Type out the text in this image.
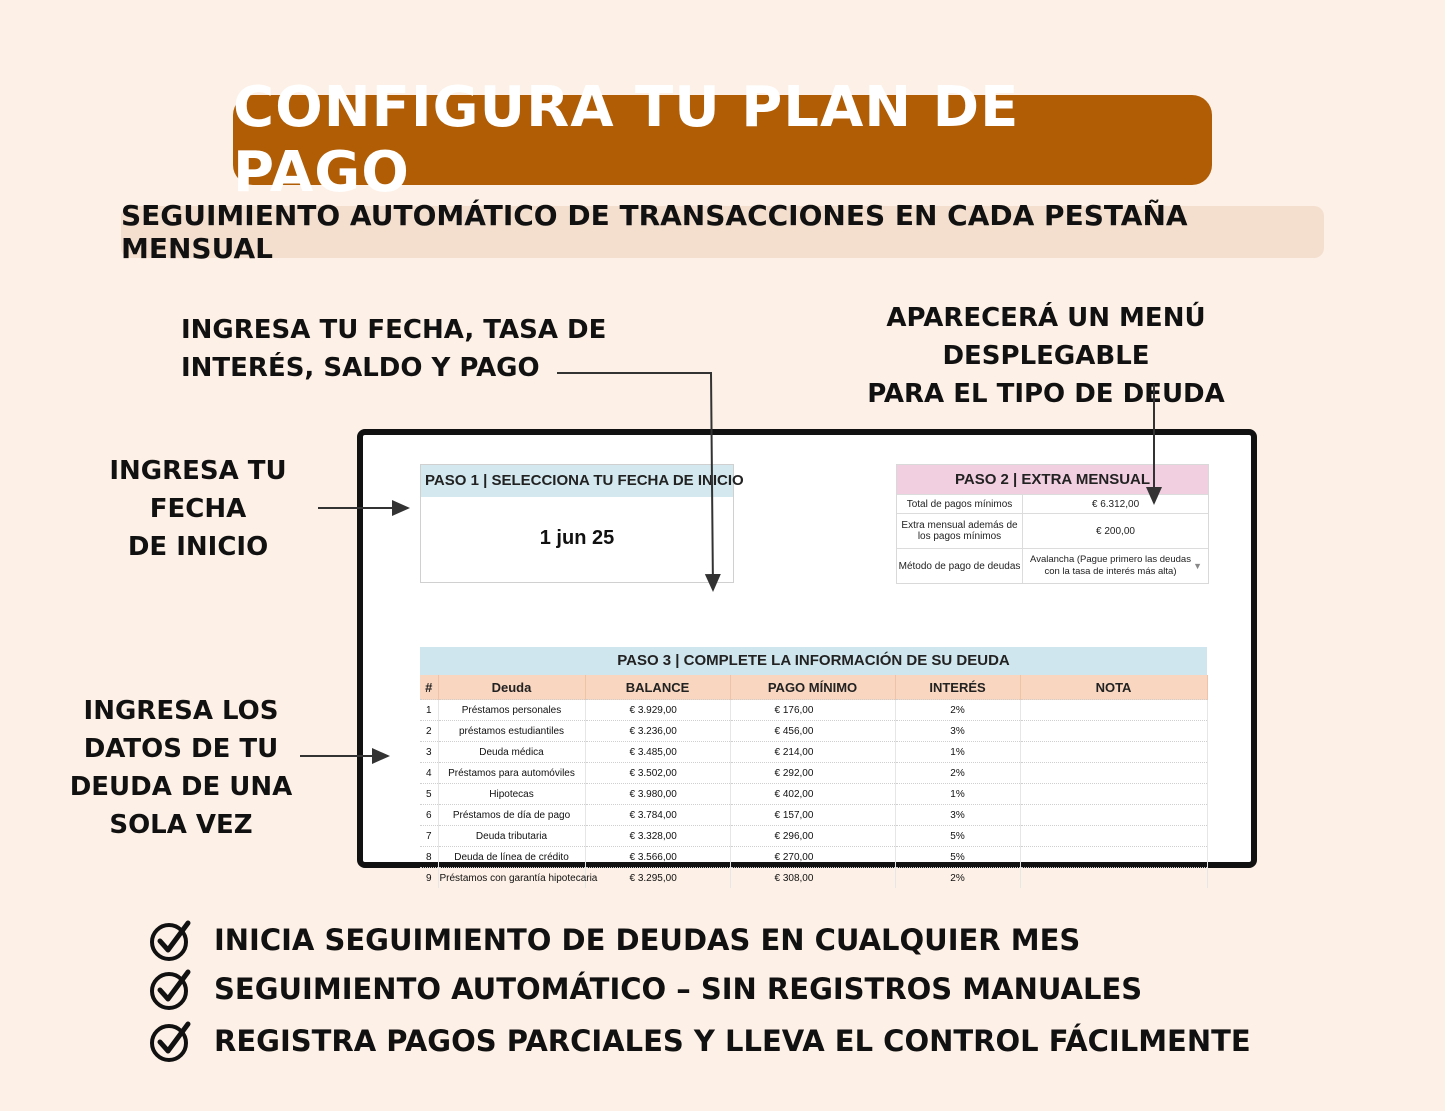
CONFIGURA TU PLAN DE PAGO
SEGUIMIENTO AUTOMÁTICO DE TRANSACCIONES EN CADA PESTAÑA MENSUAL
INGRESA TU FECHA, TASA DE
INTERÉS, SALDO Y PAGO
APARECERÁ UN MENÚ DESPLEGABLE
PARA EL TIPO DE DEUDA
INGRESA TU FECHA
DE INICIO
INGRESA LOS
DATOS DE TU
DEUDA DE UNA
SOLA VEZ
PASO 1 | SELECCIONA TU FECHA DE INICIO
1 jun 25
PASO 2 | EXTRA MENSUAL
Total de pagos mínimos	€ 6.312,00
Extra mensual además de los pagos mínimos	€ 200,00
Método de pago de deudas
Avalancha (Pague primero las deudas con la tasa de interés más alta)	▼
PASO 3 | COMPLETE LA INFORMACIÓN DE SU DEUDA
#	Deuda	BALANCE	PAGO MÍNIMO	INTERÉS	NOTA
1	Préstamos personales	€ 3.929,00	€ 176,00	2%	
2	préstamos estudiantiles	€ 3.236,00	€ 456,00	3%	
3	Deuda médica	€ 3.485,00	€ 214,00	1%	
4	Préstamos para automóviles	€ 3.502,00	€ 292,00	2%	
5	Hipotecas	€ 3.980,00	€ 402,00	1%	
6	Préstamos de día de pago	€ 3.784,00	€ 157,00	3%	
7	Deuda tributaria	€ 3.328,00	€ 296,00	5%	
8	Deuda de línea de crédito	€ 3.566,00	€ 270,00	5%	
9	Préstamos con garantía hipotecaria	€ 3.295,00	€ 308,00	2%	
INICIA SEGUIMIENTO DE DEUDAS EN CUALQUIER MES
SEGUIMIENTO AUTOMÁTICO – SIN REGISTROS MANUALES
REGISTRA PAGOS PARCIALES Y LLEVA EL CONTROL FÁCILMENTE
